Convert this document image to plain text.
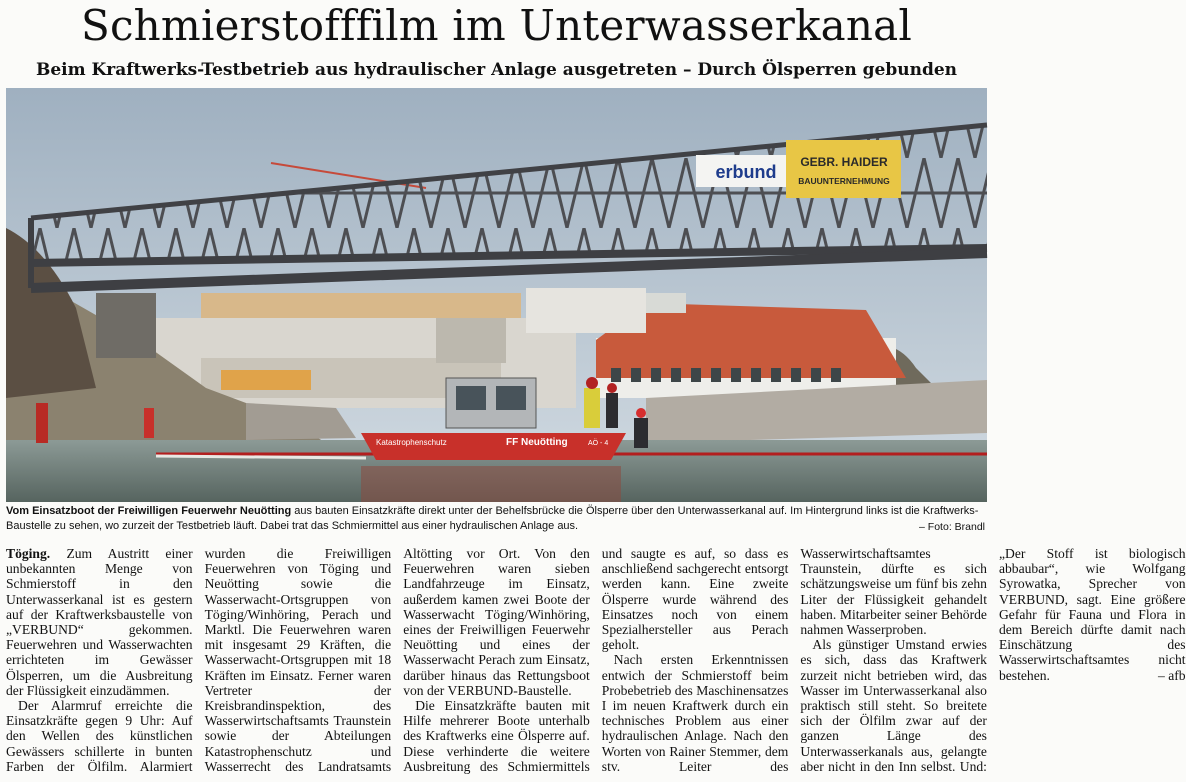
Schmierstofffilm im Unterwasserkanal
Beim Kraftwerks-Testbetrieb aus hydraulischer Anlage ausgetreten – Durch Ölsperren gebunden
erbund GEBR. HAIDER
BAUUNTERNEHMUNG
Katastrophenschutz	FF Neuötting	AÖ - 4
Vom Einsatzboot der Freiwilligen Feuerwehr Neuötting aus bauten Einsatzkräfte direkt unter der Behelfsbrücke die Ölsperre über den Unterwasserkanal auf. Im Hintergrund links ist die Kraftwerks-Baustelle zu sehen, wo zurzeit der Testbetrieb läuft. Dabei trat das Schmiermittel aus einer hydraulischen Anlage aus.	– Foto: Brandl

Töging. Zum Austritt einer unbekannten Menge von Schmierstoff in den Unterwasserkanal ist es gestern auf der Kraftwerksbaustelle von „VERBUND“ gekommen. Feuerwehren und Wasserwachten errichteten im Gewässer Ölsperren, um die Ausbreitung der Flüssigkeit einzudämmen.

Der Alarmruf erreichte die Einsatzkräfte gegen 9 Uhr: Auf den Wellen des künstlichen Gewässers schillerte in bunten Farben der Ölfilm. Alarmiert wurden die Freiwilligen Feuerwehren von Töging und Neuötting sowie die Wasserwacht-Ortsgruppen von Töging/Winhöring, Perach und Marktl. Die Feuerwehren waren mit insgesamt 29 Kräften, die Wasserwacht-Ortsgruppen mit 18 Kräften im Einsatz. Ferner waren Vertreter der Kreisbrandinspektion, des Wasserwirtschaftsamts Traunstein sowie der Abteilungen Katastrophenschutz und Wasserrecht des Landratsamts Altötting vor Ort. Von den Feuerwehren waren sieben Landfahrzeuge im Einsatz, außerdem kamen zwei Boote der Wasserwacht Töging/Winhöring, eines der Freiwilligen Feuerwehr Neuötting und eines der Wasserwacht Perach zum Einsatz, darüber hinaus das Rettungsboot von der VERBUND-Baustelle.

Die Einsatzkräfte bauten mit Hilfe mehrerer Boote unterhalb des Kraftwerks eine Ölsperre auf. Diese verhinderte die weitere Ausbreitung des Schmiermittels und saugte es auf, so dass es anschließend sachgerecht entsorgt werden kann. Eine zweite Ölsperre wurde während des Einsatzes noch von einem Spezialhersteller aus Perach geholt.

Nach ersten Erkenntnissen entwich der Schmierstoff beim Probebetrieb des Maschinensatzes I im neuen Kraftwerk durch ein technisches Problem aus einer hydraulischen Anlage. Nach den Worten von Rainer Stemmer, dem stv. Leiter des Wasserwirtschaftsamtes Traunstein, dürfte es sich schätzungsweise um fünf bis zehn Liter der Flüssigkeit gehandelt haben. Mitarbeiter seiner Behörde nahmen Wasserproben.

Als günstiger Umstand erwies es sich, dass das Kraftwerk zurzeit nicht betrieben wird, das Wasser im Unterwasserkanal also praktisch still steht. So breitete sich der Ölfilm zwar auf der ganzen Länge des Unterwasserkanals aus, gelangte aber nicht in den Inn selbst. Und: „Der Stoff ist biologisch abbaubar“, wie Wolfgang Syrowatka, Sprecher von VERBUND, sagt. Eine größere Gefahr für Fauna und Flora in dem Bereich dürfte damit nach Einschätzung des Wasserwirtschaftsamtes nicht bestehen.	– afb
